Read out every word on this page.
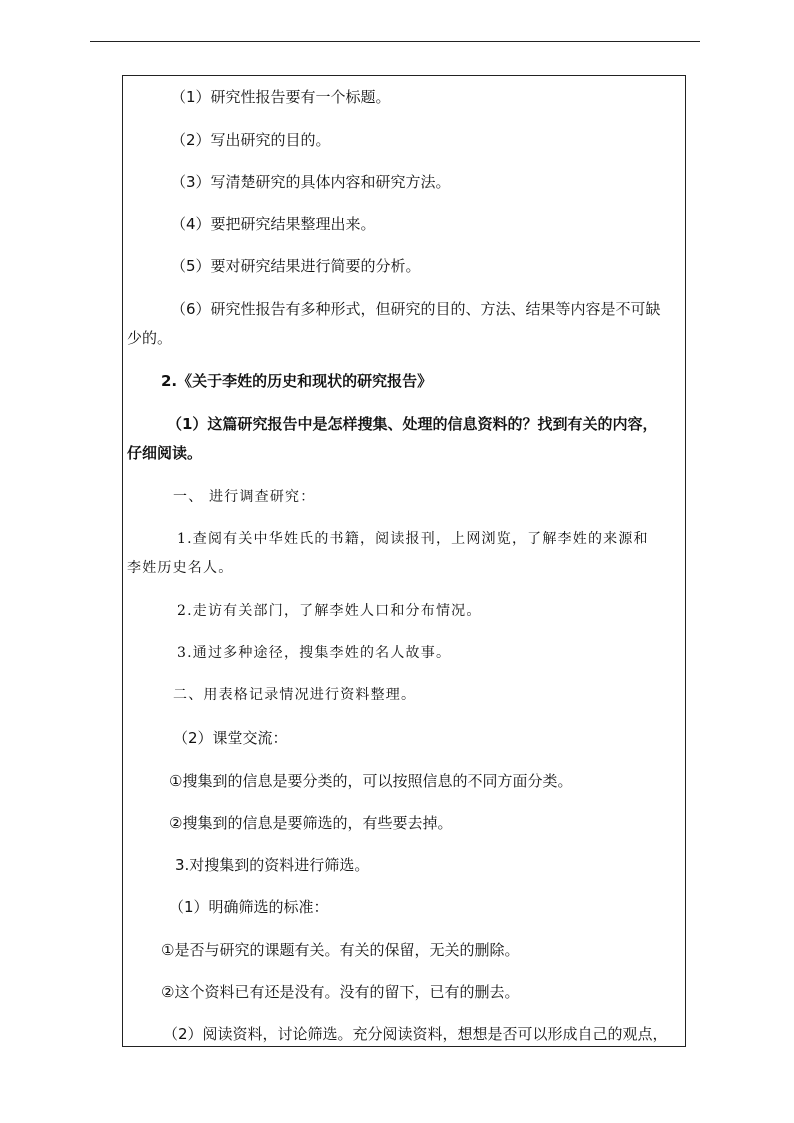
（1）研究性报告要有一个标题。
（2）写出研究的目的。
（3）写清楚研究的具体内容和研究方法。
（4）要把研究结果整理出来。
（5）要对研究结果进行简要的分析。
（6）研究性报告有多种形式，但研究的目的、方法、结果等内容是不可缺
少的。
2.《关于李姓的历史和现状的研究报告》
（1）这篇研究报告中是怎样搜集、处理的信息资料的？找到有关的内容，
仔细阅读。
一、 进行调查研究：
1.查阅有关中华姓氏的书籍，阅读报刊，上网浏览，了解李姓的来源和
李姓历史名人。
2.走访有关部门，了解李姓人口和分布情况。
3.通过多种途径，搜集李姓的名人故事。
二、用表格记录情况进行资料整理。
（2）课堂交流：
①搜集到的信息是要分类的，可以按照信息的不同方面分类。
②搜集到的信息是要筛选的，有些要去掉。
3.对搜集到的资料进行筛选。
（1）明确筛选的标准：
①是否与研究的课题有关。有关的保留，无关的删除。
②这个资料已有还是没有。没有的留下，已有的删去。
（2）阅读资料，讨论筛选。充分阅读资料，想想是否可以形成自己的观点，
